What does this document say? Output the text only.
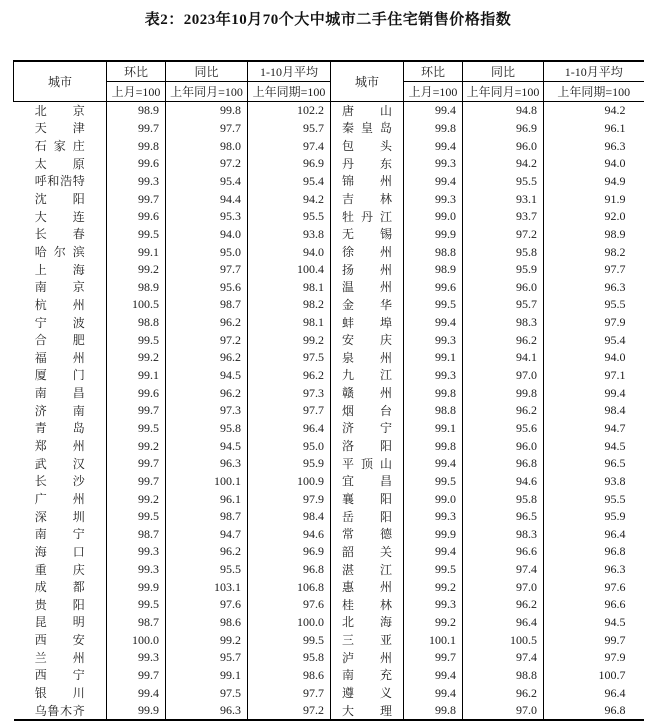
表2：2023年10月70个大中城市二手住宅销售价格指数
城市	环比	同比	1-10月平均	城市	环比	同比	1-10月平均
	上月=100	上年同月=100	上年同期=100		上月=100	上年同月=100	上年同期=100

北 京	98.9	99.8	102.2	唐 山	99.4	94.8	94.2

天 津	99.7	97.7	95.7	秦 皇 岛	99.8	96.9	96.1

石 家 庄	99.8	98.0	97.4	包 头	99.4	96.0	96.3

太 原	99.6	97.2	96.9	丹 东	99.3	94.2	94.0

呼 和 浩 特	99.3	95.4	95.4	锦 州	99.4	95.5	94.9

沈 阳	99.7	94.4	94.2	吉 林	99.3	93.1	91.9

大 连	99.6	95.3	95.5	牡 丹 江	99.0	93.7	92.0

长 春	99.5	94.0	93.8	无 锡	99.9	97.2	98.9

哈 尔 滨	99.1	95.0	94.0	徐 州	98.8	95.8	98.2

上 海	99.2	97.7	100.4	扬 州	98.9	95.9	97.7

南 京	98.9	95.6	98.1	温 州	99.6	96.0	96.3

杭 州	100.5	98.7	98.2	金 华	99.5	95.7	95.5

宁 波	98.8	96.2	98.1	蚌 埠	99.4	98.3	97.9

合 肥	99.5	97.2	99.2	安 庆	99.3	96.2	95.4

福 州	99.2	96.2	97.5	泉 州	99.1	94.1	94.0

厦 门	99.1	94.5	96.2	九 江	99.3	97.0	97.1

南 昌	99.6	96.2	97.3	赣 州	99.8	99.8	99.4

济 南	99.7	97.3	97.7	烟 台	98.8	96.2	98.4

青 岛	99.5	95.8	96.4	济 宁	99.1	95.6	94.7

郑 州	99.2	94.5	95.0	洛 阳	99.8	96.0	94.5

武 汉	99.7	96.3	95.9	平 顶 山	99.4	96.8	96.5

长 沙	99.7	100.1	100.9	宜 昌	99.5	94.6	93.8

广 州	99.2	96.1	97.9	襄 阳	99.0	95.8	95.5

深 圳	99.5	98.7	98.4	岳 阳	99.3	96.5	95.9

南 宁	98.7	94.7	94.6	常 德	99.9	98.3	96.4

海 口	99.3	96.2	96.9	韶 关	99.4	96.6	96.8

重 庆	99.3	95.5	96.8	湛 江	99.5	97.4	96.3

成 都	99.9	103.1	106.8	惠 州	99.2	97.0	97.6

贵 阳	99.5	97.6	97.6	桂 林	99.3	96.2	96.6

昆 明	98.7	98.6	100.0	北 海	99.2	96.4	94.5

西 安	100.0	99.2	99.5	三 亚	100.1	100.5	99.7

兰 州	99.3	95.7	95.8	泸 州	99.7	97.4	97.9

西 宁	99.7	99.1	98.6	南 充	99.4	98.8	100.7

银 川	99.4	97.5	97.7	遵 义	99.4	96.2	96.4

乌 鲁 木 齐	99.9	96.3	97.2	大 理	99.8	97.0	96.8
